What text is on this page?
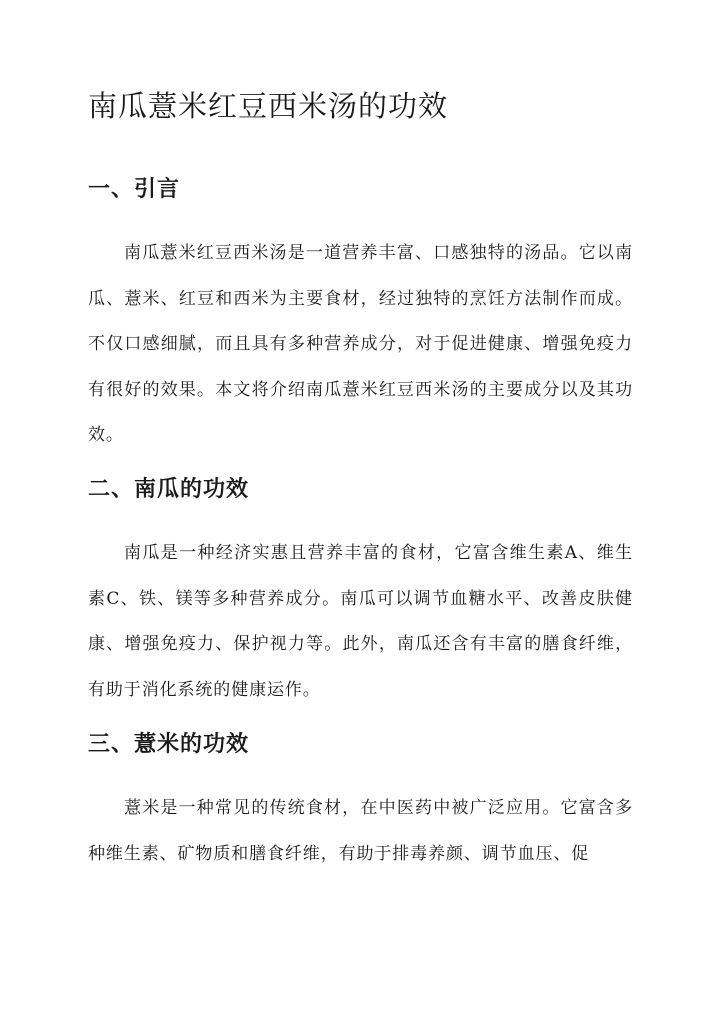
南瓜薏米红豆西米汤的功效
一、引言

南瓜薏米红豆西米汤是一道营养丰富、口感独特的汤品。它以南瓜、薏米、红豆和西米为主要食材，经过独特的烹饪方法制作而成。不仅口感细腻，而且具有多种营养成分，对于促进健康、增强免疫力有很好的效果。本文将介绍南瓜薏米红豆西米汤的主要成分以及其功效。

二、南瓜的功效

南瓜是一种经济实惠且营养丰富的食材，它富含维生素A、维生素C、铁、镁等多种营养成分。南瓜可以调节血糖水平、改善皮肤健康、增强免疫力、保护视力等。此外，南瓜还含有丰富的膳食纤维，有助于消化系统的健康运作。

三、薏米的功效

薏米是一种常见的传统食材，在中医药中被广泛应用。它富含多种维生素、矿物质和膳食纤维，有助于排毒养颜、调节血压、促
